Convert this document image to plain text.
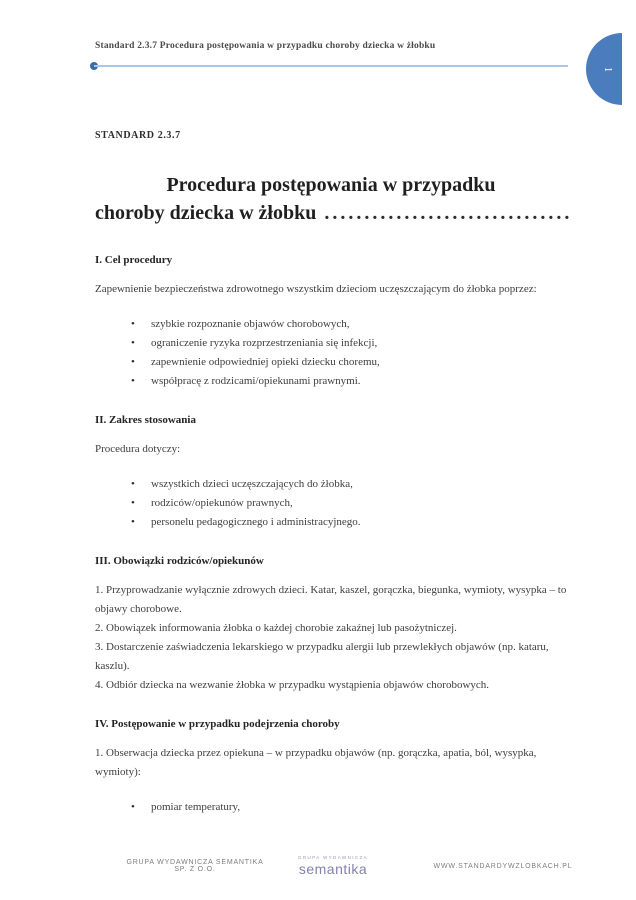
Standard 2.3.7 Procedura postępowania w przypadku choroby dziecka w żłobku
1
STANDARD 2.3.7
Procedura postępowania w przypadku
choroby dziecka w żłobku ...............................
I. Cel procedury

Zapewnienie bezpieczeństwa zdrowotnego wszystkim dzieciom uczęszczającym do żłobka poprzez:

• szybkie rozpoznanie objawów chorobowych,
• ograniczenie ryzyka rozprzestrzeniania się infekcji,
• zapewnienie odpowiedniej opieki dziecku choremu,
• współpracę z rodzicami/opiekunami prawnymi.
II. Zakres stosowania

Procedura dotyczy:

• wszystkich dzieci uczęszczających do żłobka,
• rodziców/opiekunów prawnych,
• personelu pedagogicznego i administracyjnego.
III. Obowiązki rodziców/opiekunów

1. Przyprowadzanie wyłącznie zdrowych dzieci. Katar, kaszel, gorączka, biegunka, wymioty, wysypka – to objawy chorobowe.

2. Obowiązek informowania żłobka o każdej chorobie zakaźnej lub pasożytniczej.

3. Dostarczenie zaświadczenia lekarskiego w przypadku alergii lub przewlekłych objawów (np. kataru, kaszlu).

4. Odbiór dziecka na wezwanie żłobka w przypadku wystąpienia objawów chorobowych.

IV. Postępowanie w przypadku podejrzenia choroby

1. Obserwacja dziecka przez opiekuna – w przypadku objawów (np. gorączka, apatia, ból, wysypka, wymioty):

• pomiar temperatury,
GRUPA WYDAWNICZA SEMANTIKA SP. Z O.O.
GRUPA WYDAWNICZA
semantika	WWW.STANDARDYWZLOBKACH.PL
